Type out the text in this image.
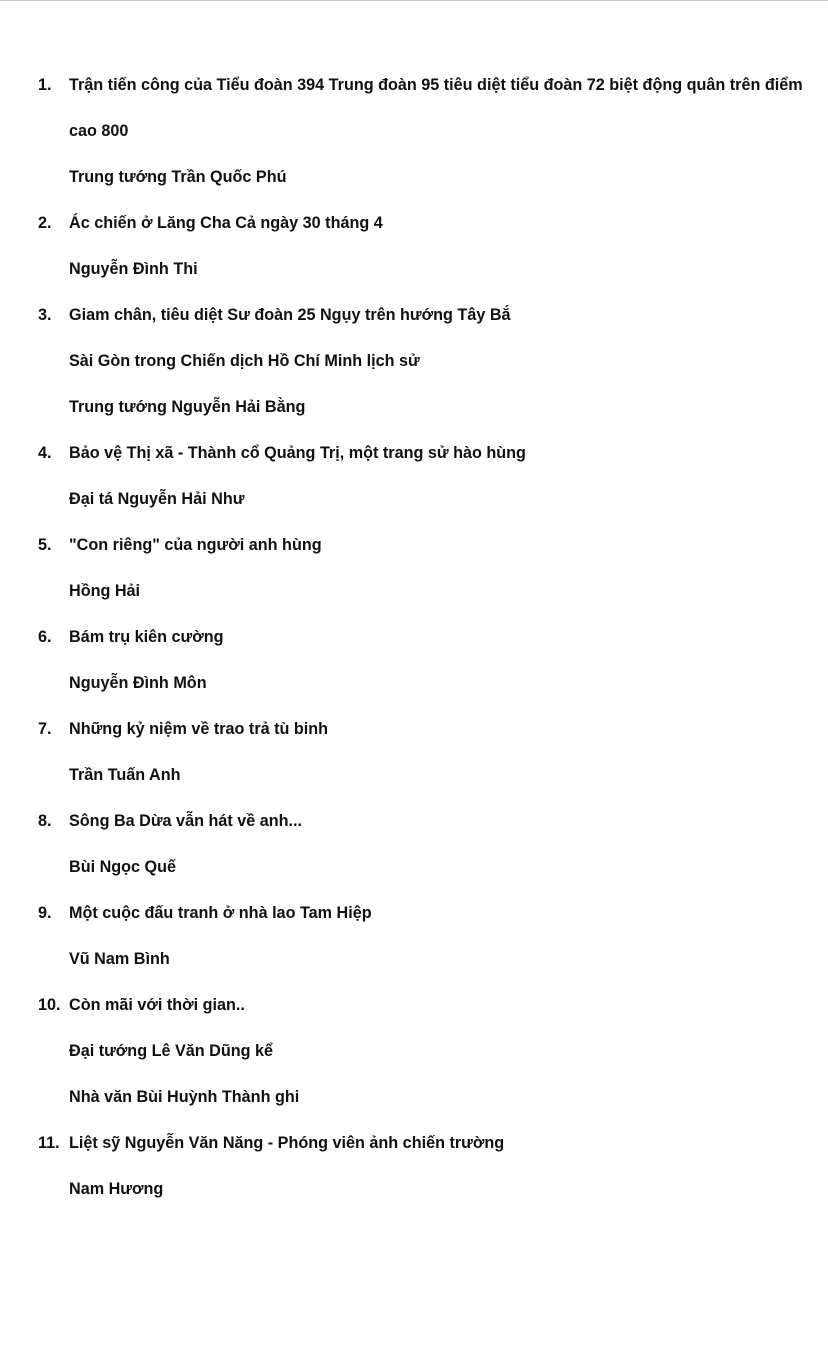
1. Trận tiến công của Tiểu đoàn 394 Trung đoàn 95 tiêu diệt tiểu đoàn 72 biệt động quân trên điểm
cao 800
Trung tướng Trần Quốc Phú
2. Ác chiến ở Lăng Cha Cả ngày 30 tháng 4
Nguyễn Đình Thi
3. Giam chân, tiêu diệt Sư đoàn 25 Ngụy trên hướng Tây Bắ
Sài Gòn trong Chiến dịch Hồ Chí Minh lịch sử
Trung tướng Nguyễn Hải Bằng
4. Bảo vệ Thị xã - Thành cổ Quảng Trị, một trang sử hào hùng
Đại tá Nguyễn Hải Như
5. "Con riêng" của người anh hùng
Hồng Hải
6. Bám trụ kiên cường
Nguyễn Đình Môn
7. Những kỷ niệm về trao trả tù binh
Trần Tuấn Anh
8. Sông Ba Dừa vẫn hát về anh...
Bùi Ngọc Quế
9. Một cuộc đấu tranh ở nhà lao Tam Hiệp
Vũ Nam Bình
10. Còn mãi với thời gian..
Đại tướng Lê Văn Dũng kể
Nhà văn Bùi Huỳnh Thành ghi
11. Liệt sỹ Nguyễn Văn Năng - Phóng viên ảnh chiến trường
Nam Hương
